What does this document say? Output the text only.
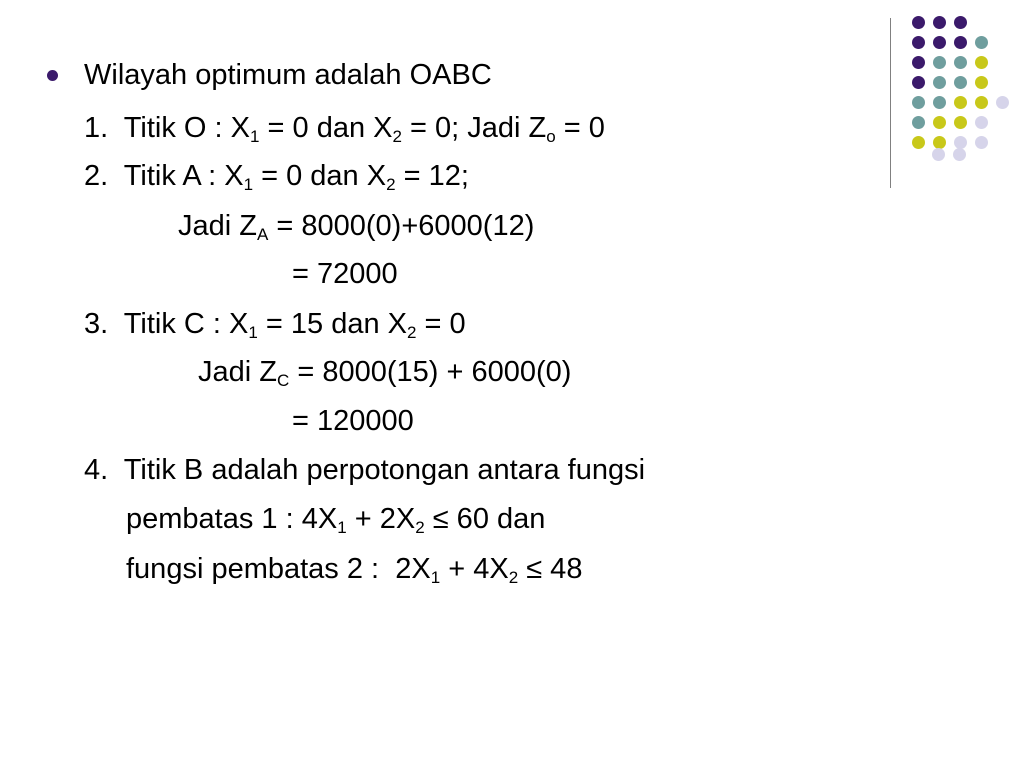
Wilayah optimum adalah OABC
1.  Titik O : $X_1 = 0$ dan $X_2 = 0$; Jadi $Z_o = 0$
2.  Titik A : $X_1 = 0$ dan $X_2 = 12$;
Jadi $Z_A = 8000(0)+6000(12)$
= 72000
3.  Titik C : $X_1 = 15$ dan $X_2 = 0$
Jadi $Z_C = 8000(15) + 6000(0)$
= 120000
4.  Titik B adalah perpotongan antara fungsi
pembatas 1 : $4X_1 + 2X_2 \le 60$ dan
fungsi pembatas 2 :  $2X_1 + 4X_2 \le 48$
